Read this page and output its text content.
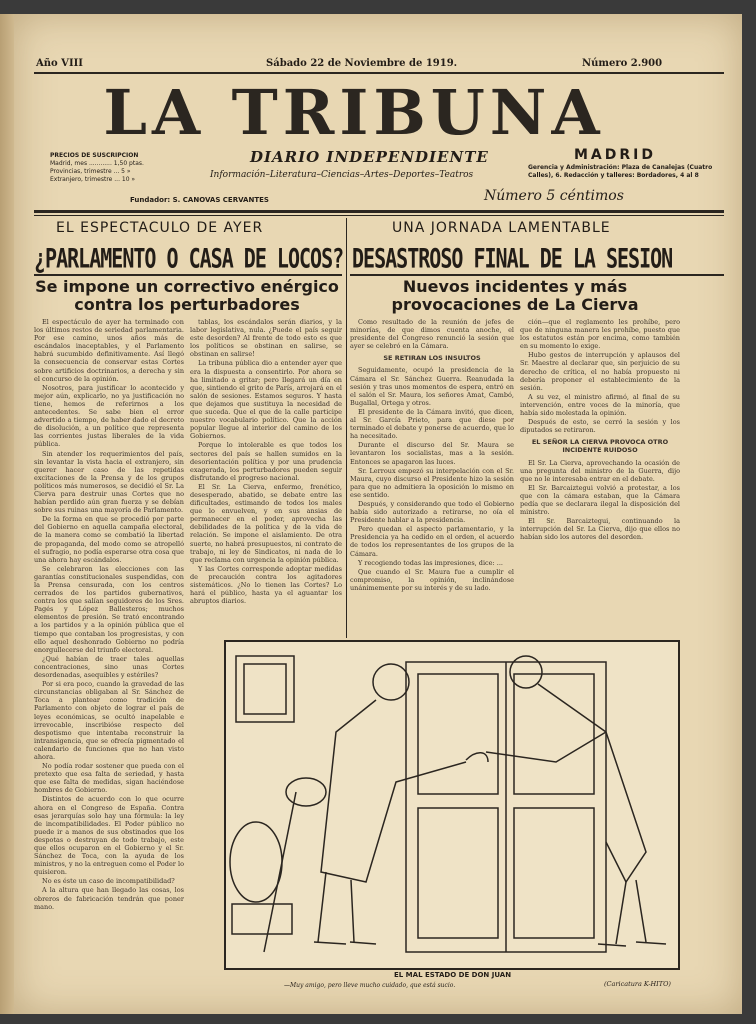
Año VIII	Sábado 22 de Noviembre de 1919.	Número 2.900
LA TRIBUNA
DIARIO INDEPENDIENTE
Información–Literatura–Ciencias–Artes–Deportes–Teatros
MADRID
PRECIOS DE SUSCRIPCION
Madrid, mes ............ 1,50 ptas.
Provincias, trimestre ... 5 »
Extranjero, trimestre ... 10 »
Gerencia y Administración: Plaza de Canalejas (Cuatro Calles), 6. Redacción y talleres: Bordadores, 4 al 8
Número 5 céntimos
Fundador: S. CANOVAS CERVANTES
EL ESPECTACULO DE AYER
¿PARLAMENTO O CASA DE LOCOS?
Se impone un correctivo enérgico contra los perturbadores

El espectáculo de ayer ha terminado con los últimos restos de seriedad parlamentaria. Por ese camino, unos años más de escándalos inaceptables, y el Parlamento habrá sucumbido definitivamente. Así llegó la consecuencia de conservar estas Cortes sobre artificios doctrinarios, a derecha y sin el concurso de la opinión.

Nosotros, para justificar lo acontecido y mejor aún, explicarlo, no ya justificación no tiene, hemos de referirnos a los antecedentes. Se sabe bien el error advertido a tiempo, de haber dado el decreto de disolución, a un político que representa las corrientes justas liberales de la vida pública.

Sin atender los requerimientos del país, sin levantar la vista hacia el extranjero, sin querer hacer caso de las repetidas excitaciones de la Prensa y de los grupos políticos más numerosos, se decidió el Sr. La Cierva para destruir unas Cortes que no habían perdido aún gran fuerza y se debían sobre sus ruinas una mayoría de Parlamento.

De la forma en que se procedió por parte del Gobierno en aquella campaña electoral, de la manera como se combatió la libertad de propaganda, del modo como se atropelló el sufragio, no podía esperarse otra cosa que una ahora hay escándalos.

Se celebraron las elecciones con las garantías constitucionales suspendidas, con la Prensa censurada, con los centros cerrados de los partidos gubernativos, contra los que salían seguidores de los Sres. Pagés y López Ballesteros; muchos elementos de presión. Se trató encontrando a los partidos y a la opinión pública que el tiempo que contaban los progresistas, y con ello aquel deshonrado Gobierno no podría enorgullecerse del triunfo electoral.

¿Qué habían de traer tales aquellas concentraciones, sino unas Cortes desordenadas, asequibles y estériles?

Por si era poco, cuando la gravedad de las circunstancias obligaban al Sr. Sánchez de Toca a plantear como tradición de Parlamento con objeto de lograr el país de leyes económicas, se ocultó inapelable e irrevocable, inscribióse respecto del despotismo que intentaba reconstruir la intransigencia, que se ofrecía pigmentado el calendario de funciones que no han visto ahora.

No podía rodar sostener que pueda con el pretexto que esa falta de seriedad, y hasta que ese falta de medidas, sigan haciéndose hombres de Gobierno.

Distintos de acuerdo con lo que ocurre ahora en el Congreso de España. Contra esas jerarquías solo hay una fórmula: la ley de incompatibilidades. El Poder público no puede ir a manos de sus obstinados que los despotas o destruyan de todo trabajo, este que ellos ocuparon en el Gobierno y el Sr. Sánchez de Toca, con la ayuda de los ministros, y no la entreguen como el Poder lo quisieron.

No es éste un caso de incompatibilidad?

A la altura que han llegado las cosas, los obreros de fabricación tendrán que poner mano.

tablas, los escándalos serán diarios, y la labor legislativa, nula. ¿Puede el país seguir este desorden? Al frente de todo esto es que los políticos se obstinan en salirse, se obstinan en salirse!

La tribuna pública dio a entender ayer que era la dispuesta a consentirlo. Por ahora se ha limitado a gritar; pero llegará un día en que, sintiendo el grito de París, arrojará en el salón de sesiones. Estamos seguros. Y hasta que dejamos que sustituya la necesidad de que suceda. Que el que de la calle participe nuestro vocabulario político. Que la acción popular llegue al interior del camino de los Gobiernos.

Porque lo intolerable es que todos los sectores del país se hallen sumidos en la desorientación política y por una prudencia exagerada, los perturbadores pueden seguir disfrutando el progreso nacional.

El Sr. La Cierva, enfermo, frenético, desesperado, abatido, se debate entre las dificultades, estimando de todos los males que lo envuelven, y en sus ansias de permanecer en el poder, aprovecha las debilidades de la política y de la vida de relación. Se impone el aislamiento. De otra suerte, no habrá presupuestos, ni contrato de trabajo, ni ley de Sindicatos, ni nada de lo que reclama con urgencia la opinión pública.

Y las Cortes corresponde adoptar medidas de precaución contra los agitadores sistemáticos. ¿No lo tienen las Cortes? Lo hará el público, hasta ya el aguantar los abruptos diarios.

UNA JORNADA LAMENTABLE
DESASTROSO FINAL DE LA SESION
Nuevos incidentes y más provocaciones de La Cierva

Como resultado de la reunión de jefes de minorías, de que dimos cuenta anoche, el presidente del Congreso renunció la sesión que ayer se celebró en la Cámara.

SE RETIRAN LOS INSULTOS

Seguidamente, ocupó la presidencia de la Cámara el Sr. Sánchez Guerra. Reanudada la sesión y tras unos momentos de espera, entró en el salón el Sr. Maura, los señores Amat, Cambó, Bugallal, Ortega y otros.

El presidente de la Cámara invitó, que dicen, al Sr. García Prieto, para que diese por terminado el debate y ponerse de acuerdo, que lo ha necesitado.

Durante el discurso del Sr. Maura se levantaron los socialistas, mas a la sesión. Entonces se apagaron las luces.

Sr. Lerroux empezó su interpelación con el Sr. Maura, cuyo discurso el Presidente hizo la sesión para que no admitiera la oposición lo mismo en ese sentido.

Después, y considerando que todo el Gobierno había sido autorizado a retirarse, no oía el Presidente hablar a la presidencia.

Pero quedan el aspecto parlamentario, y la Presidencia ya ha cedido en el orden, el acuerdo de todos los representantes de los grupos de la Cámara.

Y recogiendo todas las impresiones, dice: ...

Que cuando el Sr. Maura fue a cumplir el compromiso, la opinión, inclinándose unánimemente por su interés y de su lado.

ción—que el reglamento les prohíbe, pero que de ninguna manera les prohíbe, puesto que los estatutos están por encima, como también en su momento lo exige.

Hubo gestos de interrupción y aplausos del Sr. Maestre al declarar que, sin perjuicio de su derecho de crítica, el no había propuesto ni debería proponer el establecimiento de la sesión.

A su vez, el ministro afirmó, al final de su intervención, entre voces de la minoría, que había sido molestada la opinión.

Después de esto, se cerró la sesión y los diputados se retiraron.

EL SEÑOR LA CIERVA PROVOCA OTRO INCIDENTE RUIDOSO

El Sr. La Cierva, aprovechando la ocasión de una pregunta del ministro de la Guerra, dijo que no le interesaba entrar en el debate.

El Sr. Barcaiztegui volvió a protestar, a los que con la cámara estaban, que la Cámara pedía que se declarara ilegal la disposición del ministro.

El Sr. Barcaiztegui, continuando la interrupción del Sr. La Cierva, dijo que ellos no habían sido los autores del desorden.

EL MAL ESTADO DE DON JUAN
—Muy amigo, pero lleve mucho cuidado, que está sucio.	(Caricatura K-HITO)
